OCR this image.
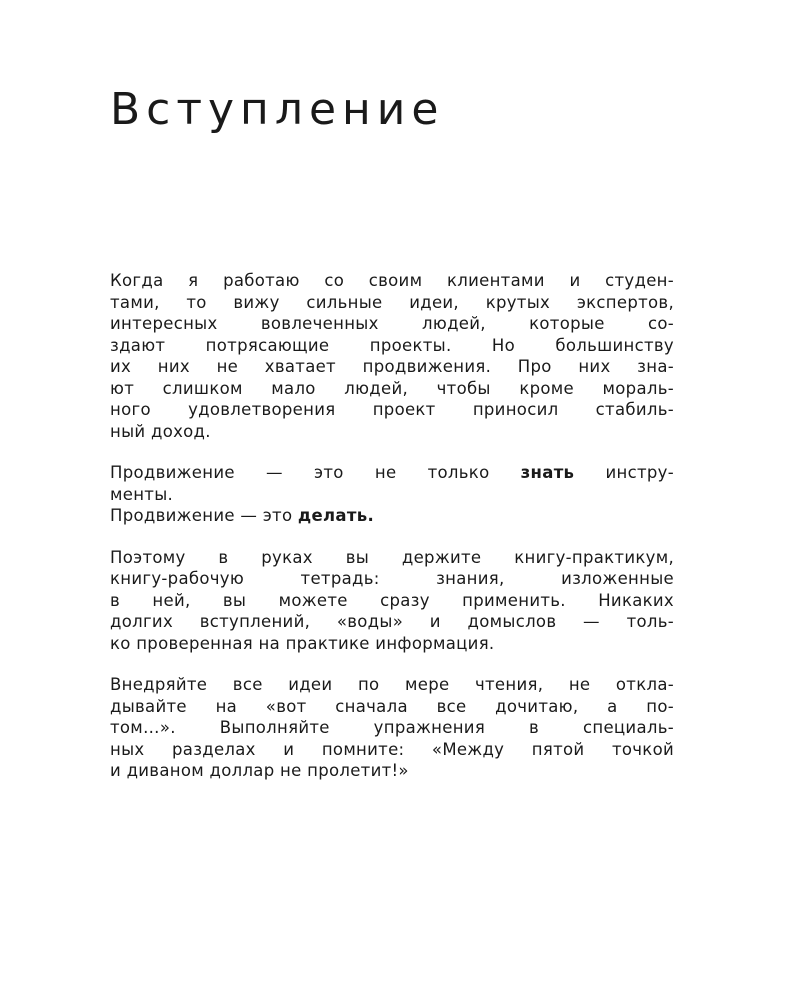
Вступление

Когда я работаю со своим клиентами и студен-
тами, то вижу сильные идеи, крутых экспертов,
интересных вовлеченных людей, которые со-
здают потрясающие проекты. Но большинству
их них не хватает продвижения. Про них зна-
ют слишком мало людей, чтобы кроме мораль-
ного удовлетворения проект приносил стабиль-
ный доход.

Продвижение — это не только знать инстру-
менты.
Продвижение — это делать.

Поэтому в руках вы держите книгу-практикум,
книгу-рабочую тетрадь: знания, изложенные
в ней, вы можете сразу применить. Никаких
долгих вступлений, «воды» и домыслов — толь-
ко проверенная на практике информация.

Внедряйте все идеи по мере чтения, не откла-
дывайте на «вот сначала все дочитаю, а по-
том…». Выполняйте упражнения в специаль-
ных разделах и помните: «Между пятой точкой
и диваном доллар не пролетит!»
